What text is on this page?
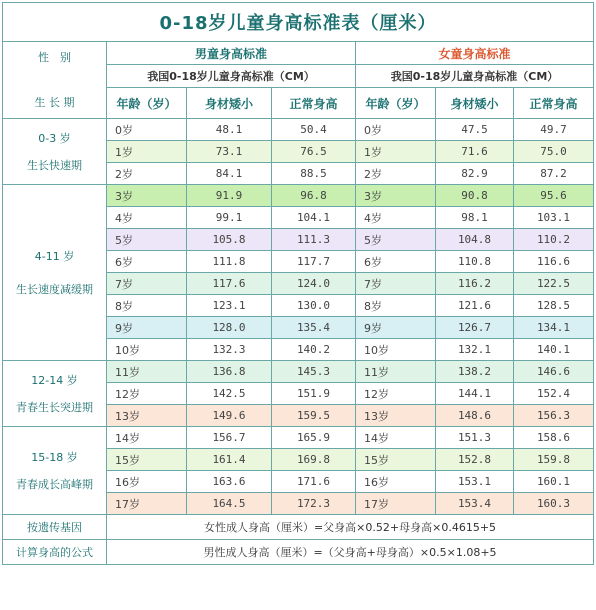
0-18岁儿童身高标准表（厘米）						
性　别
生 长 期	男童身高标准			女童身高标准		
	我国0-18岁儿童身高标准（CM）			我国0-18岁儿童身高标准（CM）		
	年龄（岁）	身材矮小	正常身高	年龄（岁）	身材矮小	正常身高
0-3 岁
生长快速期	0岁	48.1	50.4	0岁	47.5	49.7
	1岁	73.1	76.5	1岁	71.6	75.0
	2岁	84.1	88.5	2岁	82.9	87.2
4-11 岁
生长速度减缓期	3岁	91.9	96.8	3岁	90.8	95.6
	4岁	99.1	104.1	4岁	98.1	103.1
	5岁	105.8	111.3	5岁	104.8	110.2
	6岁	111.8	117.7	6岁	110.8	116.6
	7岁	117.6	124.0	7岁	116.2	122.5
	8岁	123.1	130.0	8岁	121.6	128.5
	9岁	128.0	135.4	9岁	126.7	134.1
	10岁	132.3	140.2	10岁	132.1	140.1
12-14 岁
青春生长突进期	11岁	136.8	145.3	11岁	138.2	146.6
	12岁	142.5	151.9	12岁	144.1	152.4
	13岁	149.6	159.5	13岁	148.6	156.3
15-18 岁
青春成长高峰期	14岁	156.7	165.9	14岁	151.3	158.6
	15岁	161.4	169.8	15岁	152.8	159.8
	16岁	163.6	171.6	16岁	153.1	160.1
	17岁	164.5	172.3	17岁	153.4	160.3
按遗传基因	女性成人身高（厘米）=父身高×0.52+母身高×0.4615+5					
计算身高的公式	男性成人身高（厘米）=（父身高+母身高）×0.5×1.08+5					
